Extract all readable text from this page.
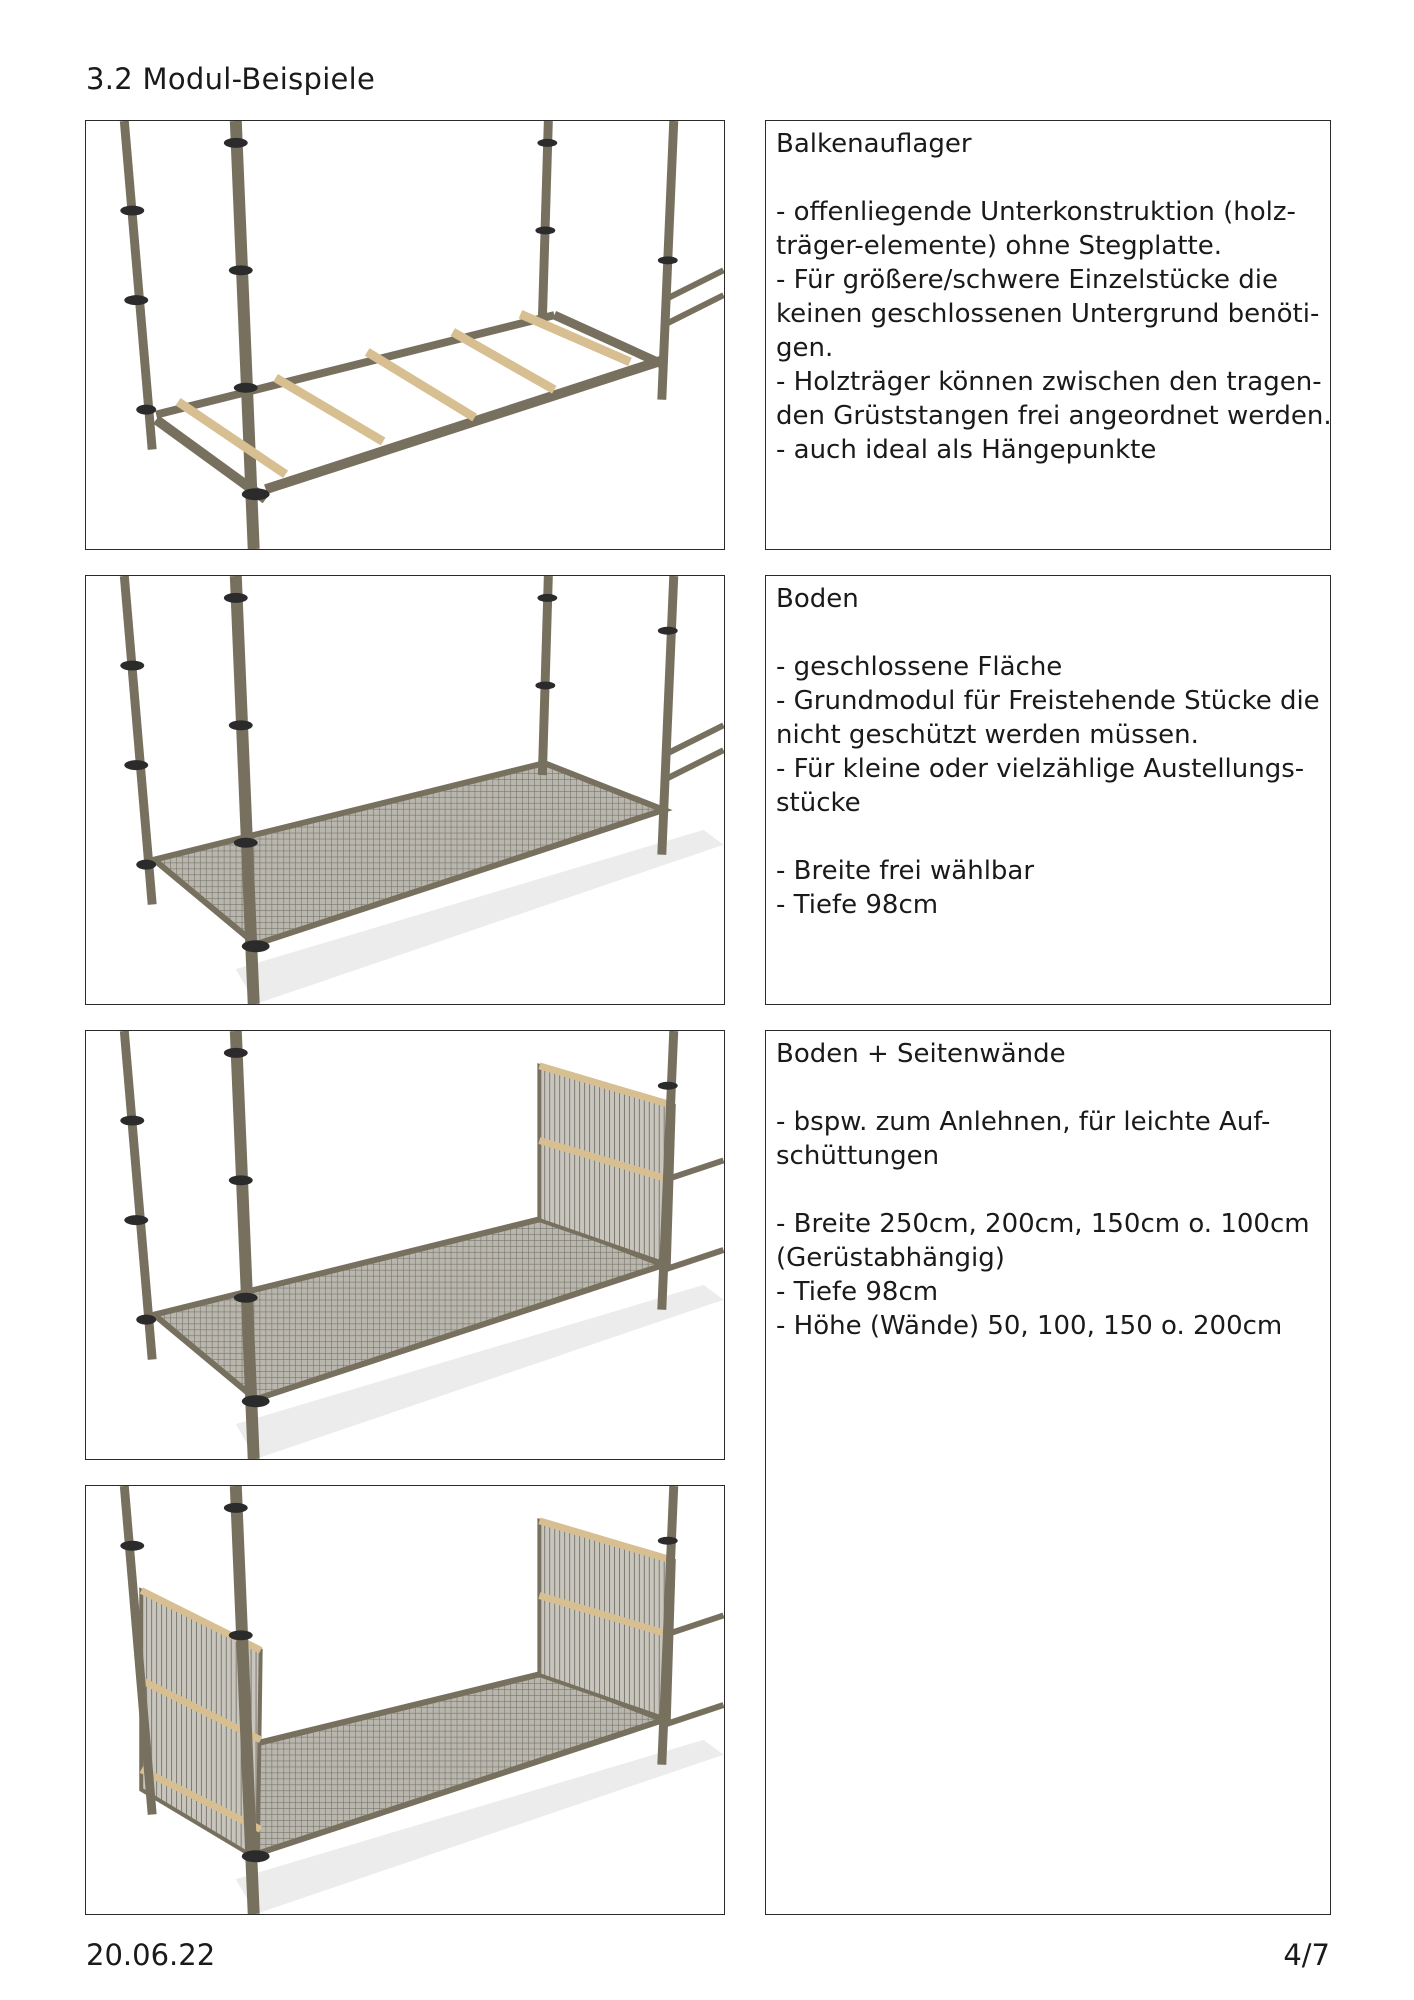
3.2 Modul-Beispiele

Balkenauflager

- offenliegende Unterkonstruktion (holz-

träger-elemente) ohne Stegplatte.

- Für größere/schwere Einzelstücke die

keinen geschlossenen Untergrund benöti-

gen.

- Holzträger können zwischen den tragen-

den Grüststangen frei angeordnet werden.

- auch ideal als Hängepunkte

Boden

- geschlossene Fläche

- Grundmodul für Freistehende Stücke die

nicht geschützt werden müssen.

- Für kleine oder vielzählige Austellungs-

stücke

- Breite frei wählbar

- Tiefe 98cm

Boden + Seitenwände

- bspw. zum Anlehnen, für leichte Auf-

schüttungen

- Breite 250cm, 200cm, 150cm o. 100cm

(Gerüstabhängig)

- Tiefe 98cm

- Höhe (Wände) 50, 100, 150 o. 200cm

20.06.22	4/7
